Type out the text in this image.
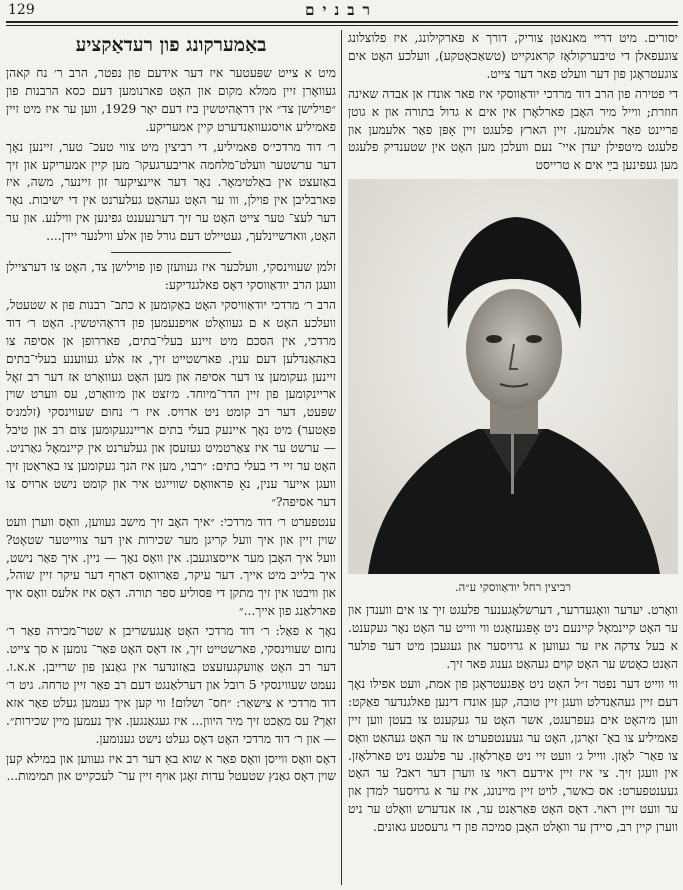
129	רבנים

יסורים. מיט דריי מאנאטן צוריק, דורך א פארקילונג, איז פלוצלונג צוגעפאלן די טיבערקולאָז קראנקייט (טשאַכאָטקע), וועלכע האָט אים צוגעטראָגן פון דער וועלט פאר דער צייט.

די פטירה פון הרב דוד מרדכי יודאַווסקי איז פאר אונדז אן אבדה שאינה חוזרת; ווייל מיר האָבן פארלאָרן אין אים א גדול בתורה און א גוטן פריינט פאַר אלעמען. זיין הארץ פלעגט זיין אָפּן פאַר אלעמען און פלעגט מיטפילן יעדן איי־ נעם וועלכן מען האָט אין שטענדיק פלעגט מען געפינען בײַ אים א טרייסט

רביצין רחל יודאַווסקי ע״ה.

וואָרט. יעדער וואָגעדרער, דערשלאָגענער פלעגט זיך צו אים ווענדן און ער האָט קיינמאָל קיינעם ניט אָפּגעזאָגט ווי ווייט ער האָט נאָר געקענט. א בעל צדקה איז ער געווען א גרויסער און געגעבן מיט דער פולער האַנט כאָטש ער האָט קוים געהאַט גענוג פאר זיך.

ווי ווייט דער נפטר ז״ל האָט ניט אָפּגעטראָגן פון אמת, וועט אפילו נאָך דעם זיין געהאַנדלט וועגן זיין טובה, קען אונדז דינען פאלגנדער פאַקט: ווען מ׳האָט אים געפרעגט, אשר האָט ער געקענט צו בעטן ווען זיין פאמיליע צו באַ־ זאָרגן, האָט ער געענטפערט אז ער האָט געהאַט וואָס צו פאַר־ לאָזן. ווייל ג׳ וועט זיי ניט פאַרלאָזן. ער פלעגט ניט פארלאָזן. אין וועגן זיך. צי איז זיין אידעם ראוי צו ווערן דער ראב? ער האָט געענטפערט: אס כאשר, לויט זיין מיינונג, איז ער א גרויסער למדן און ער וועט זיין ראוי. דאָס האָט פּאַראַנט ער, אז אנדערש וואָלט ער ניט ווערן קיין רב, סיידן ער וואָלט האָבן סמיכה פון די גרעסטע גאונים.

באַמערקונג פון רעדאַקציע

מיט א צייט שפּעטער איז דער אידעם פון נפטר, הרב ר׳ נח קאהן געוואָרן זיין ממלא מקום און האָט פארנומען דעם כסא הרבנות פון ״פוילישן צד״ אין דראָהיטשין ביז דעם יאָר 1929, ווען ער איז מיט זיין פאמיליע אויסגעוואַנדערט קיין אמעריקע.

ר׳ דוד מרדכי׳ס פאמיליע, די רביצין מיט צווי טעכ־ טער, זיינען נאָך דער ערשטער וועלט־מלחמה אריבערגעקו־ מען קיין אמעריקע און זיך באַזעצט אין באַלטימאָר. נאָר דער איינציקער זון זיינער, משה, איז פארבליבן אין פוילן, ווו ער האָט געהאַט געלערנט אין די ישיבות. נאָר דער לעצ־ טער צייט האָט ער זיך דערנעענט גפינען אין ווילנע. און ער האָט, ווארשיינלעך, געטיילט דעם גורל פון אלע ווילנער יידן....

זלמן שעווינסקי, וועלכער איז געוועזן פון פוילישן צד, האָט צו דערציילן וועגן הרב יודאַווסקי דאָס פאלגנדיקע:

הרב ר׳ מרדכי יודאַוויסקי האָט באַקומען א כתב־ רבנות פון א שטעטל, וועלכע האָט א ם געוואָלט אויפנעמען פון דראָהיטשין. האָט ר׳ דוד מרדכי, אין הסכם מיט זיינע בעלי־בתים, פאררופן אן אסיפה צו באַהאַנדלען דעם ענין. פארשטייט זיך, אז אלע געווענע בעלי־בתים זיינען געקומען צו דער אסיפה און מען האָט געוואָרט אז דער רב זאָל אריינקומען פון זיין הדר־מיוחד. מ׳זצט און מ׳וואַרט, עס ווערט שוין שפּעט, דער רב קומט ניט ארויס. איז ר׳ נחום שעווינסקי (זלמנ׳ס פאָטער) מיט נאָך איינעק בעלי בתים אריינגעקומען צום רב און טיבל — ערשט ער איז צאַרטמיט געזעסן און געלערנט אין קיינמאָל גאַרניט. האָט ער זיי די בעלי בתים: ״רבוי, מען איז הנך געקומען צו באַראַטן זיך וועגן אייער ענין, נאָ פּראוואָס שווייגט איר און קומט נישט ארויס צו דער אסיפה?״

ענטפערט ר׳ דוד מרדכי: ״איך האָב זיך מישב געווען, וואָס ווערן וועט שוין זיין און איך וועל קריגן מער שכירות אין דער צווייטער שטאָט? וועל איך האָבן מער אייסצוגעבן. אין וואָס נאָך — ניין. איך פאַר נישט, איך בלייב מיט אייך. דער עיקר, פאַרוואָס דאַרף דער עיקר זיין שוהל, און וויבטו אין זיך מתקן די פּסוליע ספר תורה. דאָס איז אלעס וואָס איך פארלאַנג פון אייך...״

נאָך א פאַל: ר׳ דוד מרדכי האָט אָנגעשריבן א שטר־מכירה פאַר ר׳ נחום שעווינסקי, פארשטייט זיך, אז דאָס האָט פאַר־ נומען א סך צייט. דער רב האָט אַוועקגעזעצט באַזונדער אין גאַנצן פון שרייבן. א.א.ו. נעמט שעווינסקי 5 רובל און דערלאַנגט דעם רב פאַר זיין טרחה. גיט ר׳ דוד מרדכי א צישאַר: ״חס־ ושלום! ווי קען איך געמען געלט פאַר אזא זאַך? עס מאַכט זיך מיר היוון... איז געגאַנגען. איך נעמען מיין שכירות״. — און ר׳ דוד מרדכי האָט דאָס געלט נישט גענומען.

דאָס וואָס ווייסן וואָס פאַר א שוא באַ דער רב איז געווען און במילא קען שוין דאָס גאַנץ שטעטל עדות זאָגן אויף זיין ער־ לעכקייט און תמימות...
